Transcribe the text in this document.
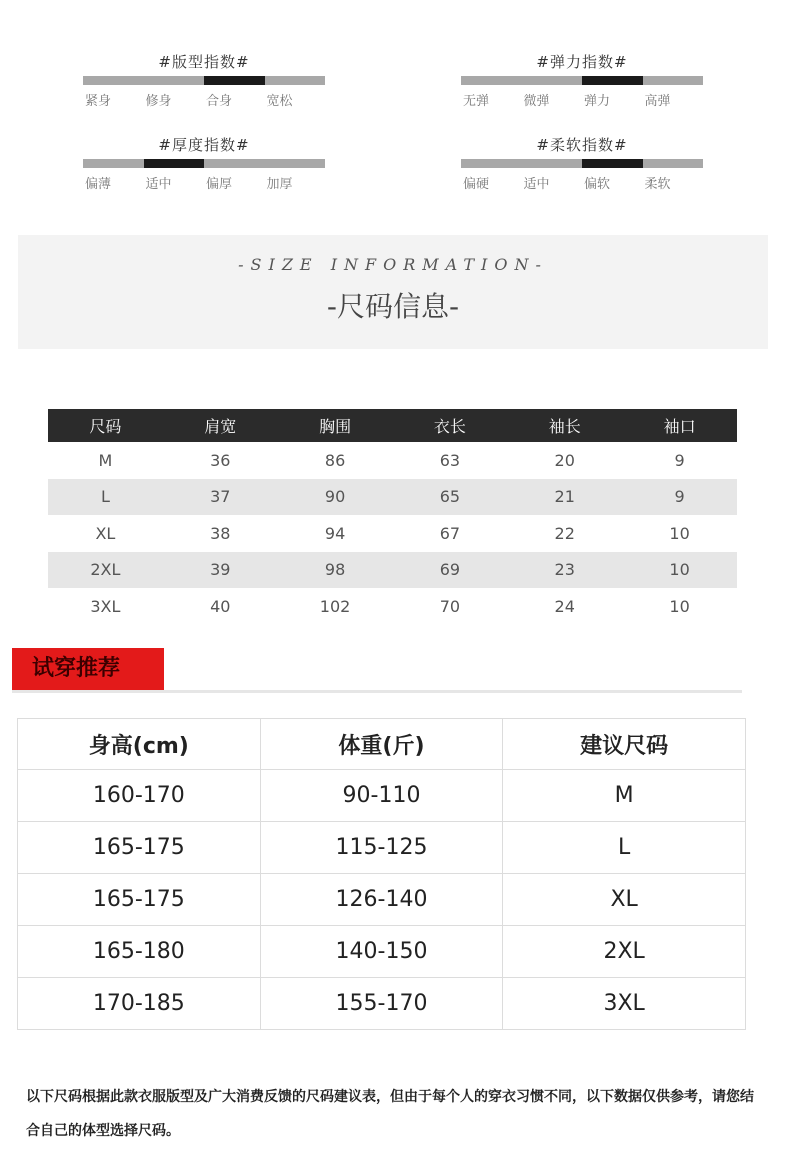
#版型指数#
紧身	修身	合身	宽松
#弹力指数#
无弹	微弹	弹力	高弹
#厚度指数#
偏薄	适中	偏厚	加厚
#柔软指数#
偏硬	适中	偏软	柔软
-SIZE INFORMATION-
-尺码信息-
尺码	肩宽	胸围	衣长	袖长	袖口
M	36	86	63	20	9
L	37	90	65	21	9
XL	38	94	67	22	10
2XL	39	98	69	23	10
3XL	40	102	70	24	10
试穿推荐
身高(cm)	体重(斤)	建议尺码
160-170	90-110	M
165-175	115-125	L
165-175	126-140	XL
165-180	140-150	2XL
170-185	155-170	3XL
以下尺码根据此款衣服版型及广大消费反馈的尺码建议表，但由于每个人的穿衣习惯不同，以下数据仅供参考，请您结合自己的体型选择尺码。
